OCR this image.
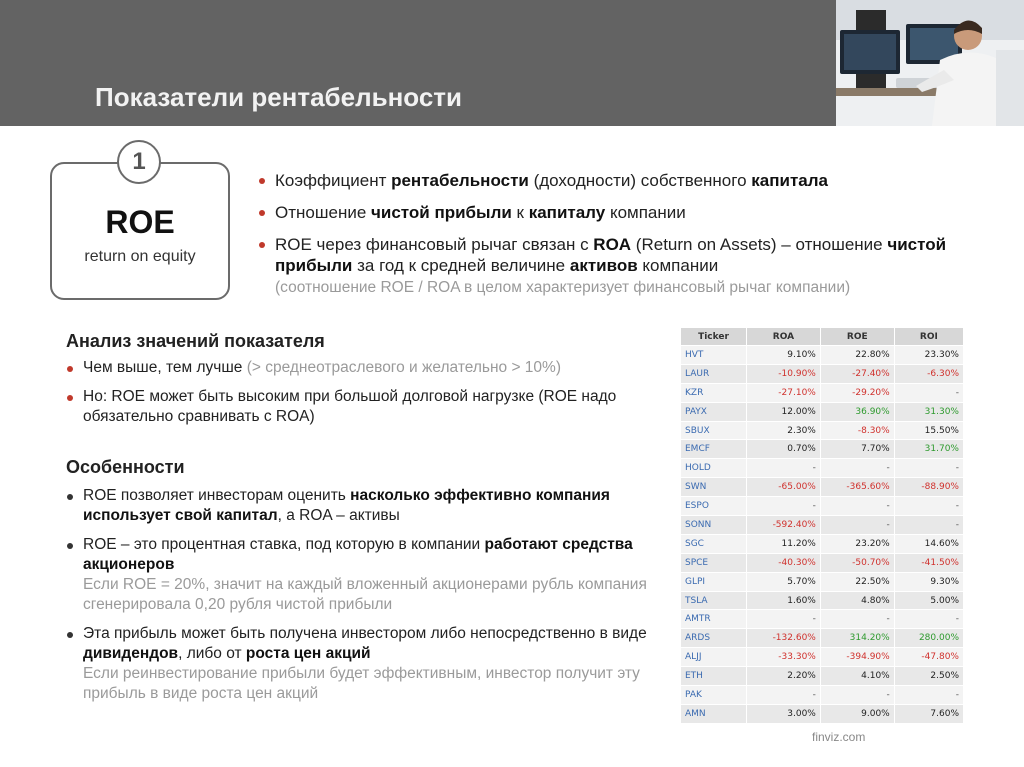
Показатели рентабельности
ROE
return on equity
1
Коэффициент рентабельности (доходности) собственного капитала
Отношение чистой прибыли к капиталу компании
ROE через финансовый рычаг связан с ROA (Return on Assets) – отношение чистой прибыли за год к средней величине активов компании
(соотношение ROE / ROA в целом характеризует финансовый рычаг компании)
Анализ значений показателя
Чем выше, тем лучше (> среднеотраслевого и желательно > 10%)
Но: ROE может быть высоким при большой долговой нагрузке (ROE надо обязательно сравнивать с ROA)
Особенности
ROE позволяет инвесторам оценить насколько эффективно компания использует свой капитал, а ROA – активы
ROE – это процентная ставка, под которую в компании работают средства акционеров
Если ROE = 20%, значит на каждый вложенный акционерами рубль компания сгенерировала 0,20 рубля чистой прибыли
Эта прибыль может быть получена инвестором либо непосредственно в виде дивидендов, либо от роста цен акций
Если реинвестирование прибыли будет эффективным, инвестор получит эту прибыль в виде роста цен акций
Ticker	ROA	ROE	ROI
HVT	9.10%	22.80%	23.30%
LAUR	-10.90%	-27.40%	-6.30%
KZR	-27.10%	-29.20%	-
PAYX	12.00%	36.90%	31.30%
SBUX	2.30%	-8.30%	15.50%
EMCF	0.70%	7.70%	31.70%
HOLD	-	-	-
SWN	-65.00%	-365.60%	-88.90%
ESPO	-	-	-
SONN	-592.40%	-	-
SGC	11.20%	23.20%	14.60%
SPCE	-40.30%	-50.70%	-41.50%
GLPI	5.70%	22.50%	9.30%
TSLA	1.60%	4.80%	5.00%
AMTR	-	-	-
ARDS	-132.60%	314.20%	280.00%
ALJJ	-33.30%	-394.90%	-47.80%
ETH	2.20%	4.10%	2.50%
PAK	-	-	-
AMN	3.00%	9.00%	7.60%
finviz.com
